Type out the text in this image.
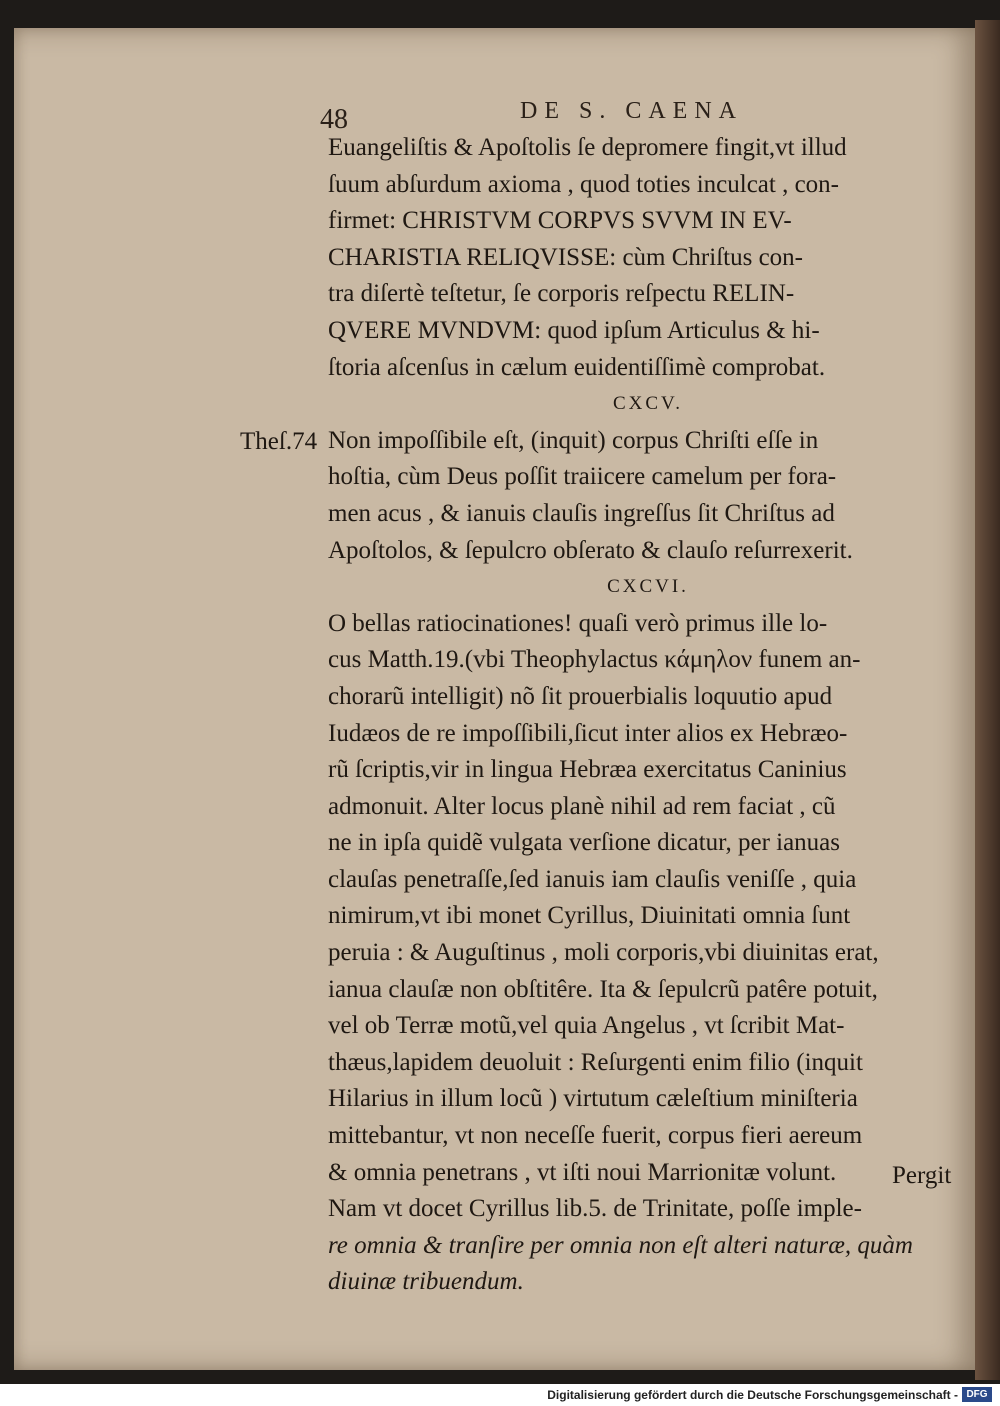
48	DE S. CAENA
Theſ.74
Euangeliſtis & Apoſtolis ſe depromere fingit,vt illud
ſuum abſurdum axioma , quod toties inculcat , con-
firmet: CHRISTVM CORPVS SVVM IN EV-
CHARISTIA RELIQVISSE: cùm Chriſtus con-
tra diſertè teſtetur, ſe corporis reſpectu RELIN-
QVERE MVNDVM: quod ipſum Articulus & hi-
ſtoria aſcenſus in cælum euidentiſſimè comprobat.
CXCV.
Non impoſſibile eſt, (inquit) corpus Chriſti eſſe in
hoſtia, cùm Deus poſſit traiicere camelum per fora-
men acus , & ianuis clauſis ingreſſus ſit Chriſtus ad
Apoſtolos, & ſepulcro obſerato & clauſo reſurrexerit.
CXCVI.
O bellas ratiocinationes! quaſi verò primus ille lo-
cus Matth.19.(vbi Theophylactus κάμηλον funem an-
chorarũ intelligit) nõ ſit prouerbialis loquutio apud
Iudæos de re impoſſibili,ſicut inter alios ex Hebræo-
rũ ſcriptis,vir in lingua Hebræa exercitatus Caninius
admonuit. Alter locus planè nihil ad rem faciat , cũ
ne in ipſa quidẽ vulgata verſione dicatur, per ianuas
clauſas penetraſſe,ſed ianuis iam clauſis veniſſe , quia
nimirum,vt ibi monet Cyrillus, Diuinitati omnia ſunt
peruia : & Auguſtinus , moli corporis,vbi diuinitas erat,
ianua clauſæ non obſtitêre. Ita & ſepulcrũ patêre potuit,
vel ob Terræ motũ,vel quia Angelus , vt ſcribit Mat-
thæus,lapidem deuoluit : Reſurgenti enim filio (inquit
Hilarius in illum locũ ) virtutum cæleſtium miniſteria
mittebantur, vt non neceſſe fuerit, corpus fieri aereum
& omnia penetrans , vt iſti noui Marrionitæ volunt.
Nam vt docet Cyrillus lib.5. de Trinitate, poſſe imple-
re omnia & tranſire per omnia non eſt alteri naturæ, quàm
diuinæ tribuendum.
Pergit
Digitalisierung gefördert durch die Deutsche Forschungsgemeinschaft - DFG
